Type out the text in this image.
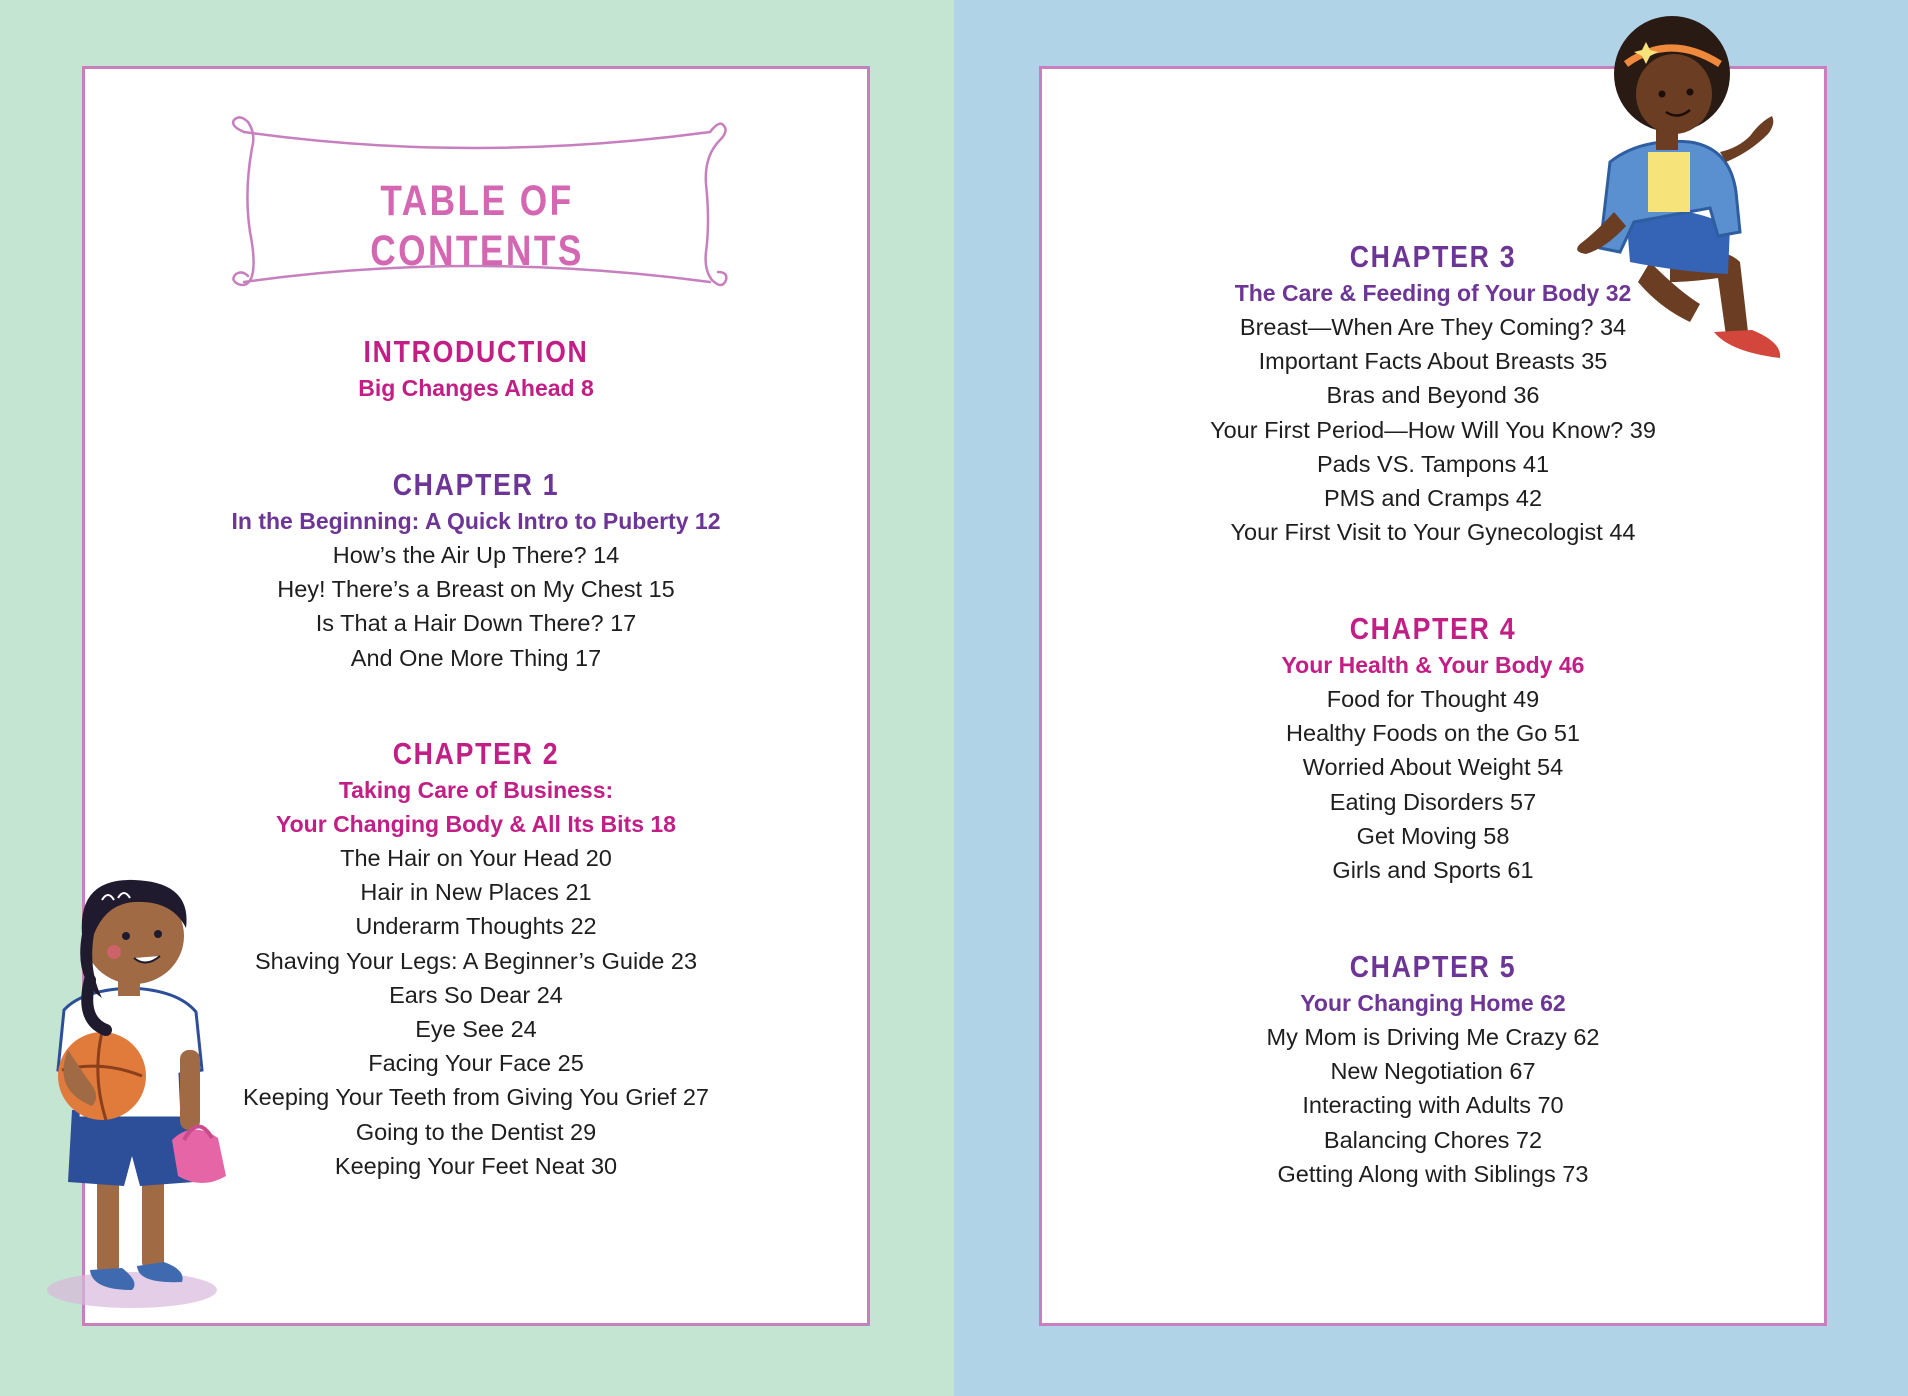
TABLE OF CONTENTS
INTRODUCTION
Big Changes Ahead 8
CHAPTER 1
In the Beginning: A Quick Intro to Puberty 12
How’s the Air Up There? 14
Hey! There’s a Breast on My Chest 15
Is That a Hair Down There? 17
And One More Thing 17
CHAPTER 2
Taking Care of Business:
Your Changing Body & All Its Bits 18
The Hair on Your Head 20
Hair in New Places 21
Underarm Thoughts 22
Shaving Your Legs: A Beginner’s Guide 23
Ears So Dear 24
Eye See 24
Facing Your Face 25
Keeping Your Teeth from Giving You Grief 27
Going to the Dentist 29
Keeping Your Feet Neat 30
CHAPTER 3
The Care & Feeding of Your Body 32
Breast—When Are They Coming? 34
Important Facts About Breasts 35
Bras and Beyond 36
Your First Period—How Will You Know? 39
Pads VS. Tampons 41
PMS and Cramps 42
Your First Visit to Your Gynecologist 44
CHAPTER 4
Your Health & Your Body 46
Food for Thought 49
Healthy Foods on the Go 51
Worried About Weight 54
Eating Disorders 57
Get Moving 58
Girls and Sports 61
CHAPTER 5
Your Changing Home 62
My Mom is Driving Me Crazy 62
New Negotiation 67
Interacting with Adults 70
Balancing Chores 72
Getting Along with Siblings 73
